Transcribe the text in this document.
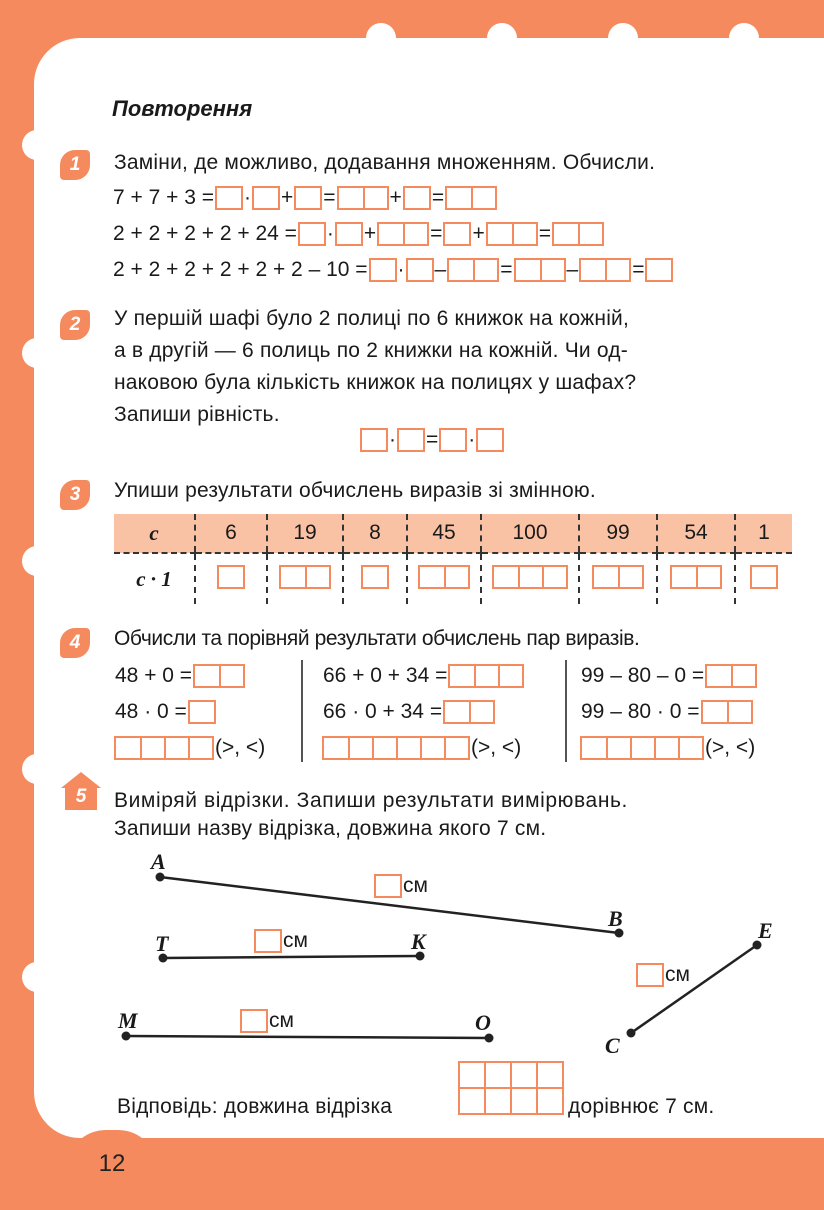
Повторення
1	Заміни, де можливо, додавання множенням. Обчисли.
7 + 7 + 3 = · + =	+ =
2 + 2 + 2 + 2 + 24 = · +	= +	=
2 + 2 + 2 + 2 + 2 + 2 – 10 = · –	=	–	=
2	У першій шафі було 2 полиці по 6 книжок на кожній,
а в другій — 6 полиць по 2 книжки на кожній. Чи од-
наковою була кількість книжок на полицях у шафах?
Запиши рівність.
· = ·
3	Упиши результати обчислень виразів зі змінною.
c	6	19	8	45	100	99	54	1
c · 1	

4	Обчисли та порівняй результати обчислень пар виразів.
48 + 0 =
48 · 0 =
(>, <)
66 + 0 + 34 =
66 · 0 + 34 =
(>, <)
99 – 80 – 0 =
99 – 80 · 0 =
(>, <)
5	Виміряй відрізки. Запиши результати вимірювань.
Запиши назву відрізка, довжина якого 7 см.
A
B
T	K
M	O
C
E
см
см
см
см
Відповідь: довжина відрізка	дорівнює 7 см.
12
